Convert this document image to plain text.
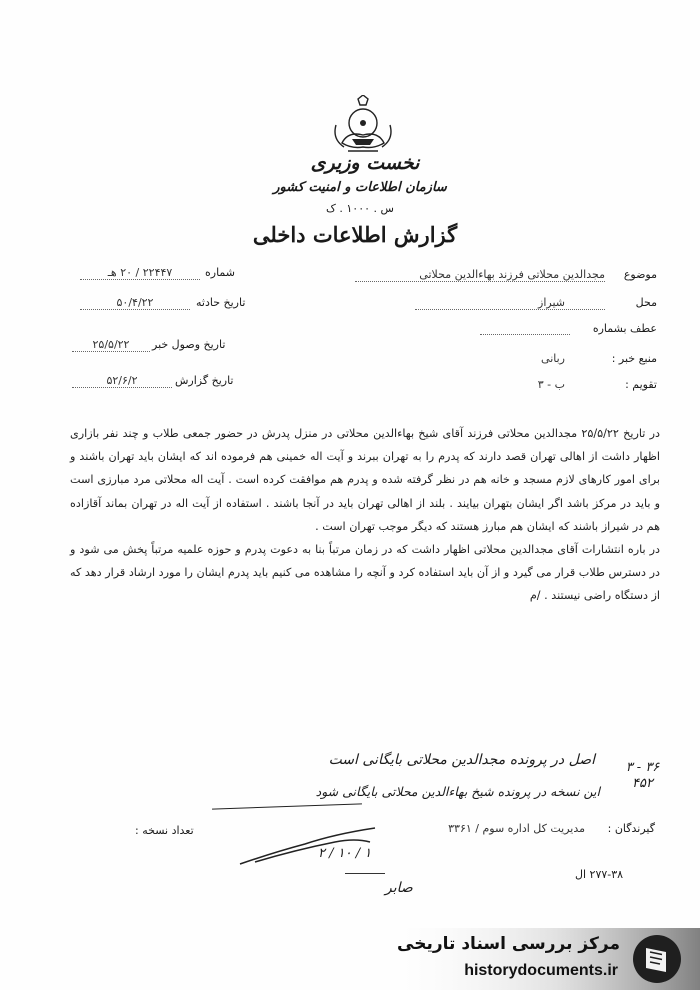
نخست وزیری
سازمان اطلاعات و امنیت کشور
س . ۱۰۰۰ . ک
گزارش اطلاعات داخلی
موضوع
مجدالدین محلاتی فرزند بهاءالدین محلاتی
محل
شیراز
عطف بشماره
منبع خبر :
ربانی
تقویم :
ب - ۳
شماره
۲۲۴۴۷ / ۲۰ هـ
تاریخ حادثه
۵۰/۴/۲۲
تاریخ وصول خبر
۲۵/۵/۲۲
تاریخ گزارش
۵۲/۶/۲

در تاریخ ۲۵/۵/۲۲ مجدالدین محلاتی فرزند آقای شیخ بهاءالدین محلاتی در منزل پدرش در حضور جمعی طلاب و چند نفر بازاری اظهار داشت از اهالی تهران قصد دارند که پدرم را به تهران ببرند و آیت اله خمینی هم فرموده اند که ایشان باید تهران باشند و برای امور کارهای لازم مسجد و خانه هم در نظر گرفته شده و پدرم هم موافقت کرده است . آیت اله محلاتی مرد مبارزی است و باید در مرکز باشد اگر ایشان بتهران بیایند . بلند از اهالی تهران باید در آنجا باشند . استفاده از آیت اله در تهران بماند آقازاده هم در شیراز باشند که ایشان هم مبارز هستند که دیگر موجب تهران است .

در باره انتشارات آقای مجدالدین محلاتی اظهار داشت که در زمان مرتباً بنا به دعوت پدرم و حوزه علمیه مرتباً پخش می شود و در دسترس طلاب قرار می گیرد و از آن باید استفاده کرد و آنچه را مشاهده می کنیم باید پدرم ایشان را مورد ارشاد قرار دهد که از دستگاه راضی نیستند . /م

اصل در پرونده مجدالدین محلاتی بایگانی است
این نسخه در پرونده شیخ بهاءالدین محلاتی بایگانی شود
۳ - ۳۶
۴۵۲
گیرندگان :
مدیریت کل اداره سوم / ۳۳۶۱
تعداد نسخه :
۲ / ۱۰ / ۱
صابر
۲۷۷-۳۸ ال
مرکز بررسی اسناد تاریخی
historydocuments.ir
